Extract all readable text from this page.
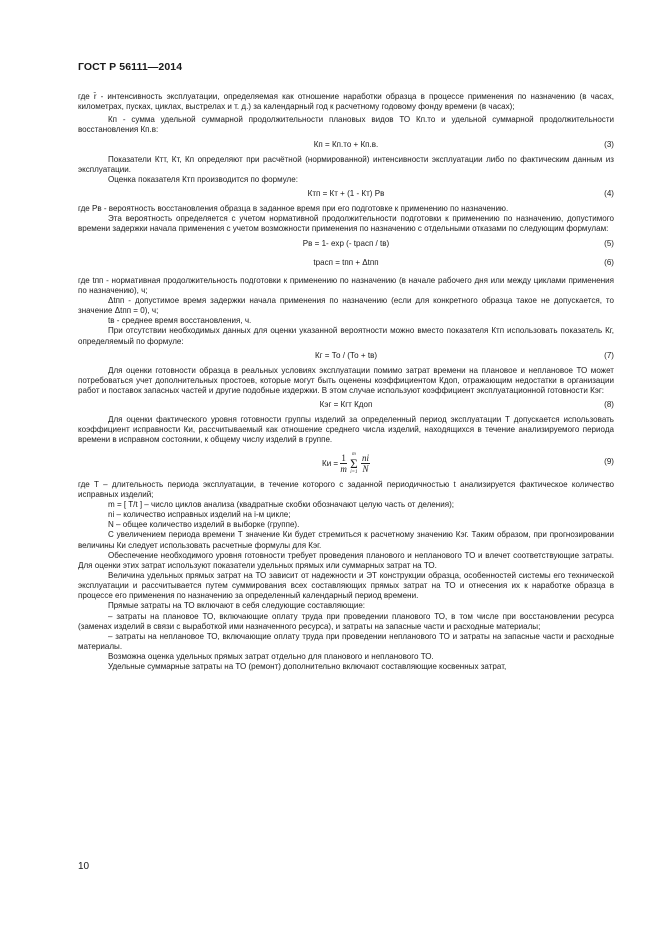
ГОСТ Р 56111—2014

где r̄ - интенсивность эксплуатации, определяемая как отношение наработки образца в процессе применения по назначению (в часах, километрах, пусках, циклах, выстрелах и т. д.) за календарный год к расчетному годовому фонду времени (в часах);

Кп - сумма удельной суммарной продолжительности плановых видов ТО Кп.то и удельной суммарной продолжительности восстановления Кп.в:

Кп = Кп.то + Кп.в.	(3)

Показатели Ктт, Кт, Кп определяют при расчётной (нормированной) интенсивности эксплуатации либо по фактическим данным из эксплуатации.

Оценка показателя Ктп производится по формуле:

Ктп = Кт + (1 - Кт) Рв	(4)

где Рв - вероятность восстановления образца в заданное время при его подготовке к применению по назначению.

Эта вероятность определяется с учетом нормативной продолжительности подготовки к применению по назначению, допустимого времени задержки начала применения с учетом возможности применения по назначению с отдельными отказами по следующим формулам:

Рв = 1- exp (- tрасп / tв)	(5)
tрасп = tпп + Δtпп	(6)

где tпп - нормативная продолжительность подготовки к применению по назначению (в начале рабочего дня или между циклами применения по назначению), ч;

Δtпп - допустимое время задержки начала применения по назначению (если для конкретного образца такое не допускается, то значение Δtпп = 0), ч;

tв - среднее время восстановления, ч.

При отсутствии необходимых данных для оценки указанной вероятности можно вместо показателя Ктп использовать показатель Кг, определяемый по формуле:

Кг = То / (То + tв)	(7)

Для оценки готовности образца в реальных условиях эксплуатации помимо затрат времени на плановое и неплановое ТО может потребоваться учет дополнительных простоев, которые могут быть оценены коэффициентом Кдоп, отражающим недостатки в организации работ и поставок запасных частей и другие подобные издержки. В этом случае используют коэффициент эксплуатационной готовности Кэг:

Кэг = Кгт Кдоп	(8)

Для оценки фактического уровня готовности группы изделий за определенный период эксплуатации Т допускается использовать коэффициент исправности Ки, рассчитываемый как отношение среднего числа изделий, находящихся в течение анализируемого периода времени в исправном состоянии, к общему числу изделий в группе.

Ки = $\frac{1}{m}$
	m
Σ
i=1
$\frac{ni}{N}$	(9)

где Т – длительность периода эксплуатации, в течение которого с заданной периодичностью t анализируется фактическое количество исправных изделий;

m = [ T/t ] – число циклов анализа (квадратные скобки обозначают целую часть от деления);

ni – количество исправных изделий на i-м цикле;

N – общее количество изделий в выборке (группе).

С увеличением периода времени Т значение Ки будет стремиться к расчетному значению Кэг. Таким образом, при прогнозировании величины Ки следует использовать расчетные формулы для Кэг.

Обеспечение необходимого уровня готовности требует проведения планового и непланового ТО и влечет соответствующие затраты. Для оценки этих затрат используют показатели удельных прямых или суммарных затрат на ТО.

Величина удельных прямых затрат на ТО зависит от надежности и ЭТ конструкции образца, особенностей системы его технической эксплуатации и рассчитывается путем суммирования всех составляющих прямых затрат на ТО и отнесения их к наработке образца в процессе его применения по назначению за определенный календарный период времени.

Прямые затраты на ТО включают в себя следующие составляющие:

– затраты на плановое ТО, включающие оплату труда при проведении планового ТО, в том числе при восстановлении ресурса (заменах изделий в связи с выработкой ими назначенного ресурса), и затраты на запасные части и расходные материалы;

– затраты на неплановое ТО, включающие оплату труда при проведении непланового ТО и затраты на запасные части и расходные материалы.

Возможна оценка удельных прямых затрат отдельно для планового и непланового ТО.

Удельные суммарные затраты на ТО (ремонт) дополнительно включают составляющие косвенных затрат,

10
